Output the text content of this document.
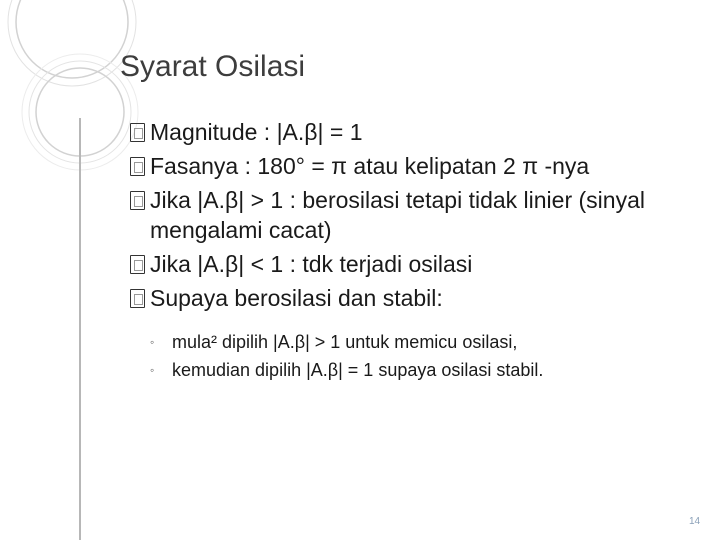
Syarat Osilasi
Magnitude : |A.β| = 1
Fasanya : 180° = π atau kelipatan 2 π -nya
Jika |A.β| > 1 : berosilasi tetapi tidak linier (sinyal mengalami cacat)
Jika |A.β| < 1 : tdk terjadi osilasi
Supaya berosilasi dan stabil:
◦ mula² dipilih |A.β| > 1 untuk memicu osilasi,
◦ kemudian dipilih |A.β| = 1 supaya osilasi stabil.
14
